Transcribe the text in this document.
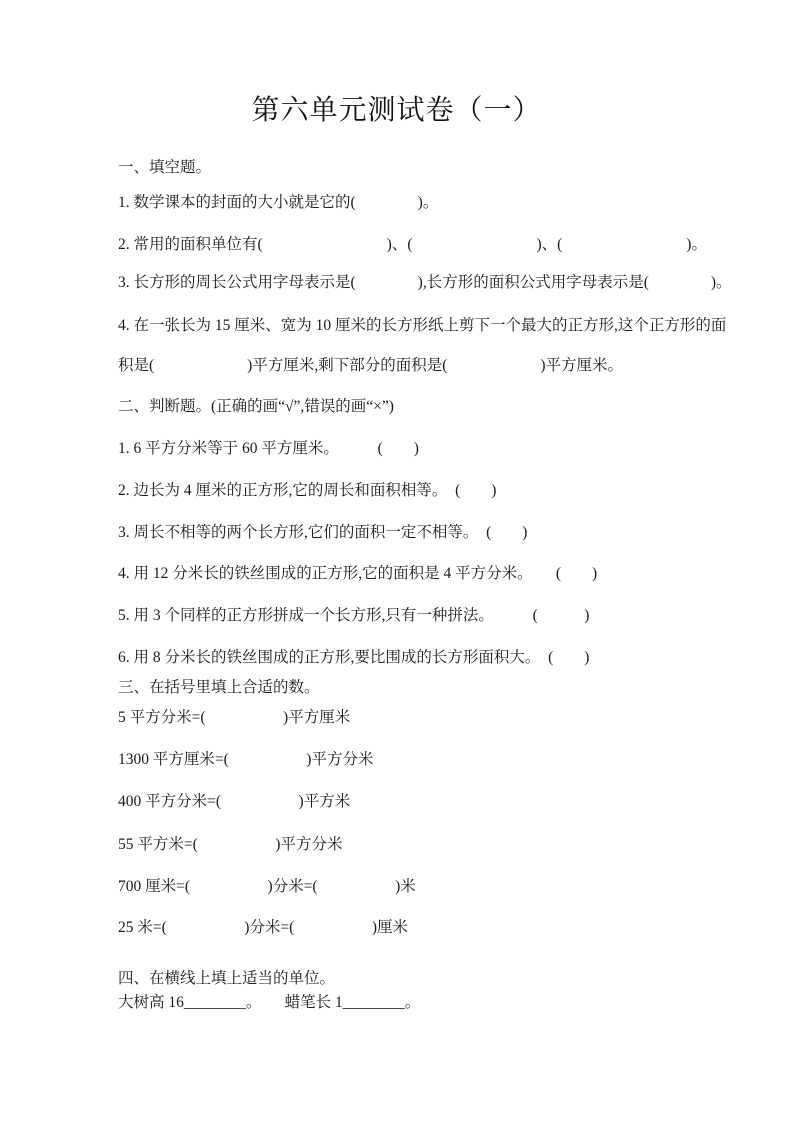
第六单元测试卷（一）
一、填空题。
1. 数学课本的封面的大小就是它的(　　　　)。
2. 常用的面积单位有(　　　　　　　　)、(　　　　　　　　)、(　　　　　　　　)。
3. 长方形的周长公式用字母表示是(　　　　),长方形的面积公式用字母表示是(　　　　)。
4. 在一张长为 15 厘米、宽为 10 厘米的长方形纸上剪下一个最大的正方形,这个正方形的面
积是(　　　　　　)平方厘米,剩下部分的面积是(　　　　　　)平方厘米。
二、判断题。(正确的画“√”,错误的画“×”)
1. 6 平方分米等于 60 平方厘米。　　　(　　)
2. 边长为 4 厘米的正方形,它的周长和面积相等。　(　　)
3. 周长不相等的两个长方形,它们的面积一定不相等。　(　　)
4. 用 12 分米长的铁丝围成的正方形,它的面积是 4 平方分米。　　(　　)
5. 用 3 个同样的正方形拼成一个长方形,只有一种拼法。　　　(　　　)
6. 用 8 分米长的铁丝围成的正方形,要比围成的长方形面积大。　(　　)
三、在括号里填上合适的数。
5 平方分米=(　　　　　)平方厘米
1300 平方厘米=(　　　　　)平方分米
400 平方分米=(　　　　　)平方米
55 平方米=(　　　　　)平方分米
700 厘米=(　　　　　)分米=(　　　　　)米
25 米=(　　　　　)分米=(　　　　　)厘米
四、在横线上填上适当的单位。
大树高 16________。　　蜡笔长 1________。
